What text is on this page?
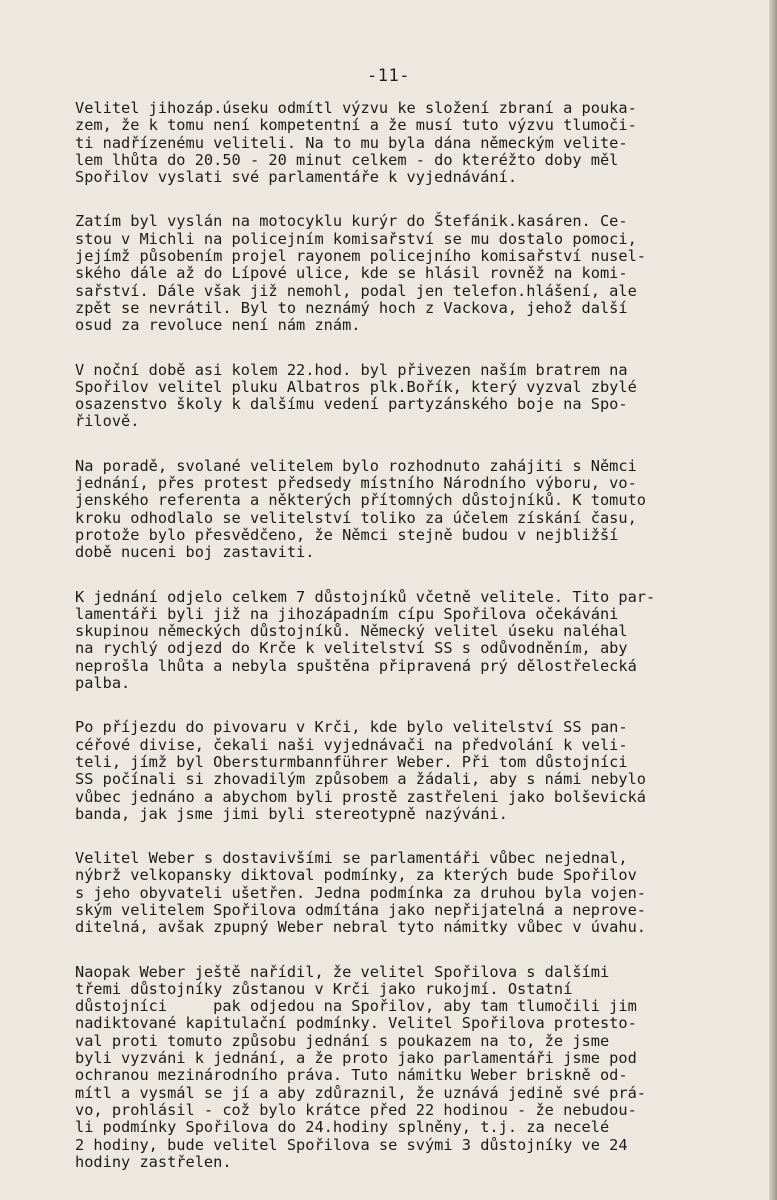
-11-
Velitel jihozáp.úseku odmítl výzvu ke složení zbraní a pouka-
zem, že k tomu není kompetentní a že musí tuto výzvu tlumoči-
ti nadřízenému veliteli. Na to mu byla dána německým velite-
lem lhůta do 20.50 - 20 minut celkem - do kteréžto doby měl
Spořilov vyslati své parlamentáře k vyjednávání.
Zatím byl vyslán na motocyklu kurýr do Štefánik.kasáren. Ce-
stou v Michli na policejním komisařství se mu dostalo pomoci,
jejímž působením projel rayonem policejního komisařství nusel-
ského dále až do Lípové ulice, kde se hlásil rovněž na komi-
sařství. Dále však již nemohl, podal jen telefon.hlášení, ale
zpět se nevrátil. Byl to neznámý hoch z Vackova, jehož další
osud za revoluce není nám znám.
V noční době asi kolem 22.hod. byl přivezen naším bratrem na
Spořilov velitel pluku Albatros plk.Bořík, který vyzval zbylé
osazenstvo školy k dalšímu vedení partyzánského boje na Spo-
řilově.
Na poradě, svolané velitelem bylo rozhodnuto zahájiti s Němci
jednání, přes protest předsedy místního Národního výboru, vo-
jenského referenta a některých přítomných důstojníků. K tomuto
kroku odhodlalo se velitelství toliko za účelem získání času,
protože bylo přesvědčeno, že Němci stejně budou v nejbližší
době nuceni boj zastaviti.
K jednání odjelo celkem 7 důstojníků včetně velitele. Tito par-
lamentáři byli již na jihozápadním cípu Spořilova očekáváni
skupinou německých důstojníků. Německý velitel úseku naléhal
na rychlý odjezd do Krče k velitelství SS s odůvodněním, aby
neprošla lhůta a nebyla spuštěna připravená prý dělostřelecká
palba.
Po příjezdu do pivovaru v Krči, kde bylo velitelství SS pan-
céřové divise, čekali naši vyjednávači na předvolání k veli-
teli, jímž byl Obersturmbannführer Weber. Při tom důstojníci
SS počínali si zhovadilým způsobem a žádali, aby s námi nebylo
vůbec jednáno a abychom byli prostě zastřeleni jako bolševická
banda, jak jsme jimi byli stereotypně nazýváni.
Velitel Weber s dostavivšími se parlamentáři vůbec nejednal,
nýbrž velkopansky diktoval podmínky, za kterých bude Spořilov
s jeho obyvateli ušetřen. Jedna podmínka za druhou byla vojen-
ským velitelem Spořilova odmítána jako nepřijatelná a neprove-
ditelná, avšak zpupný Weber nebral tyto námitky vůbec v úvahu.
Naopak Weber ještě nařídil, že velitel Spořilova s dalšími
třemi důstojníky zůstanou v Krči jako rukojmí. Ostatní
důstojníci     pak odjedou na Spořilov, aby tam tlumočili jim
nadiktované kapitulační podmínky. Velitel Spořilova protesto-
val proti tomuto způsobu jednání s poukazem na to, že jsme
byli vyzváni k jednání, a že proto jako parlamentáři jsme pod
ochranou mezinárodního práva. Tuto námitku Weber briskně od-
mítl a vysmál se jí a aby zdůraznil, že uznává jedině své prá-
vo, prohlásil - což bylo krátce před 22 hodinou - že nebudou-
li podmínky Spořilova do 24.hodiny splněny, t.j. za necelé
2 hodiny, bude velitel Spořilova se svými 3 důstojníky ve 24
hodiny zastřelen.
